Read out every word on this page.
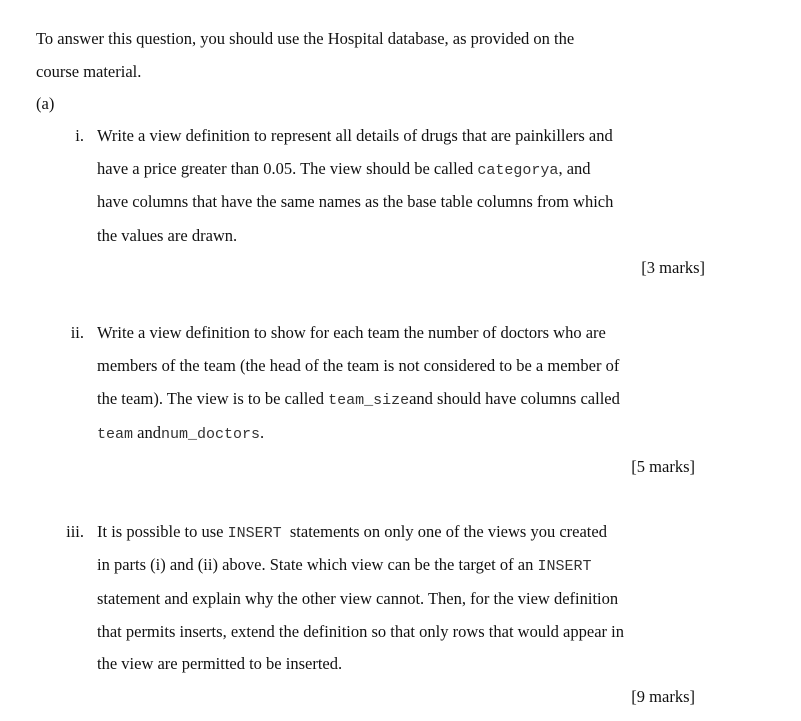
To answer this question, you should use the Hospital database, as provided on the
course material.
(a)
i. Write a view definition to represent all details of drugs that are painkillers and
have a price greater than 0.05. The view should be called categorya, and
have columns that have the same names as the base table columns from which
the values are drawn.
[3 marks]
ii. Write a view definition to show for each team the number of doctors who are
members of the team (the head of the team is not considered to be a member of
the team). The view is to be called team_sizeand should have columns called
team andnum_doctors.
[5 marks]
iii. It is possible to use INSERT  statements on only one of the views you created
in parts (i) and (ii) above. State which view can be the target of an INSERT
statement and explain why the other view cannot. Then, for the view definition
that permits inserts, extend the definition so that only rows that would appear in
the view are permitted to be inserted.
[9 marks]
